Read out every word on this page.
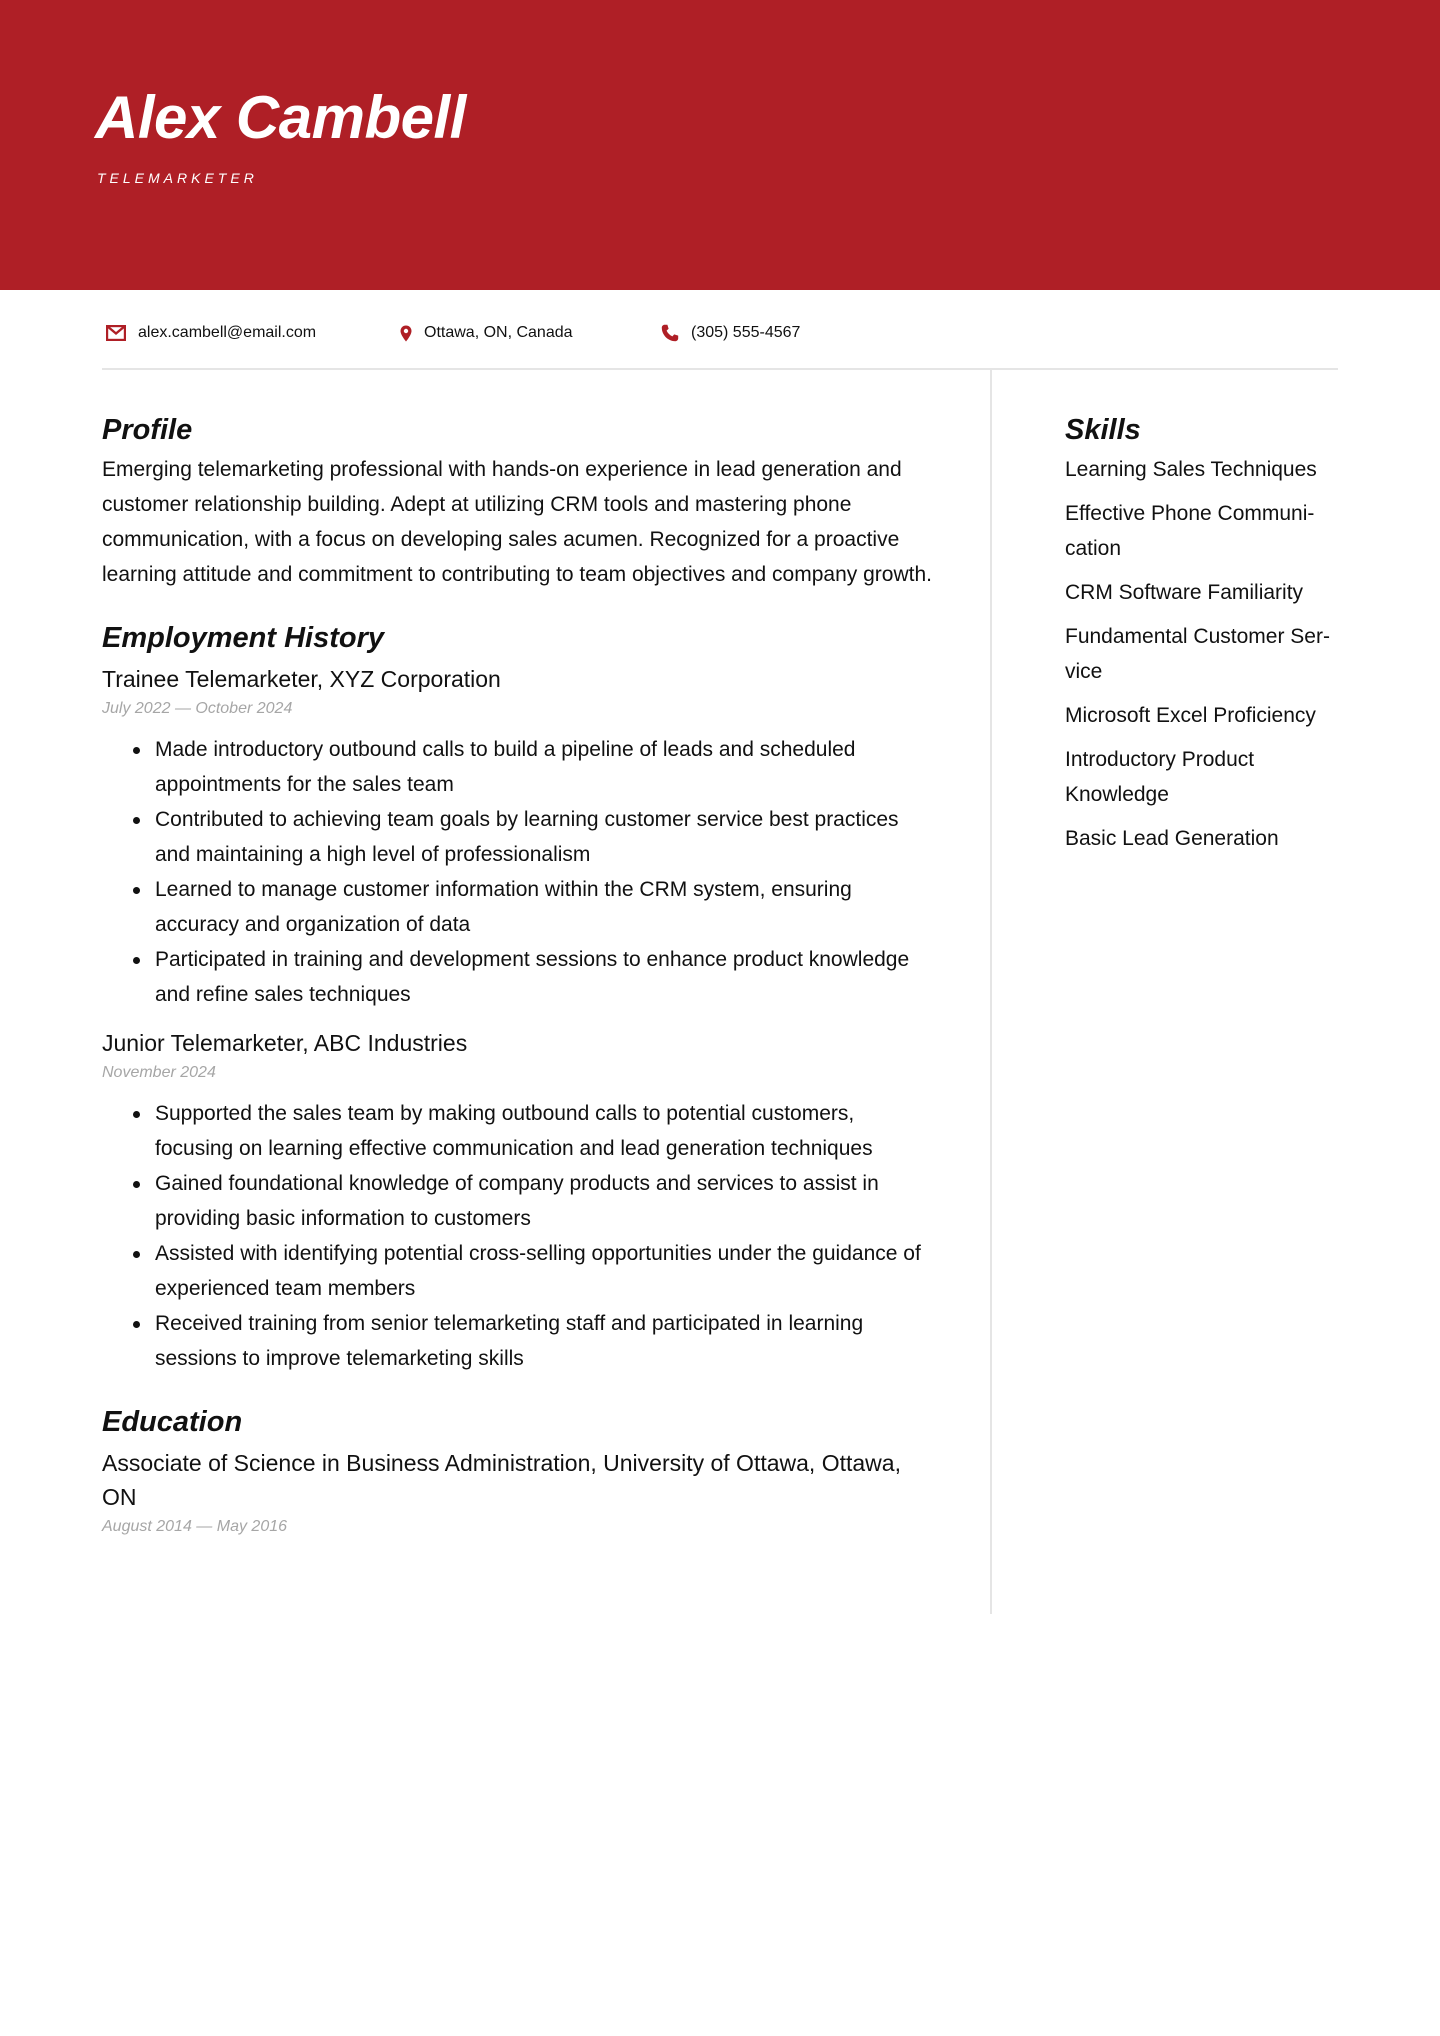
Alex Cambell
TELEMARKETER
alex.cambell@email.com	Ottawa, ON, Canada	(305) 555-4567
Profile

Emerging telemarketing professional with hands-on experience in lead generation and customer relationship building. Adept at utilizing CRM tools and mastering phone communication, with a focus on developing sales acumen. Recognized for a proactive learning attitude and commitment to contributing to team objectives and company growth.

Employment History
Trainee Telemarketer, XYZ Corporation
July 2022 — October 2024
Made introductory outbound calls to build a pipeline of leads and scheduled appointments for the sales team
Contributed to achieving team goals by learning customer service best practices and maintaining a high level of professionalism
Learned to manage customer information within the CRM system, ensuring accuracy and organization of data
Participated in training and development sessions to enhance product knowledge and refine sales techniques
Junior Telemarketer, ABC Industries
November 2024
Supported the sales team by making outbound calls to potential customers, focusing on learning effective communication and lead generation techniques
Gained foundational knowledge of company products and services to assist in providing basic information to customers
Assisted with identifying potential cross-selling opportunities under the guidance of experienced team members
Received training from senior telemarketing staff and participated in learning sessions to improve telemarketing skills
Education
Associate of Science in Business Administration, University of Ottawa, Ottawa, ON
August 2014 — May 2016
Skills
Learning Sales Techniques
Effective Phone Communi-cation
CRM Software Familiarity
Fundamental Customer Ser-vice
Microsoft Excel Proficiency
Introductory Product Knowledge
Basic Lead Generation
